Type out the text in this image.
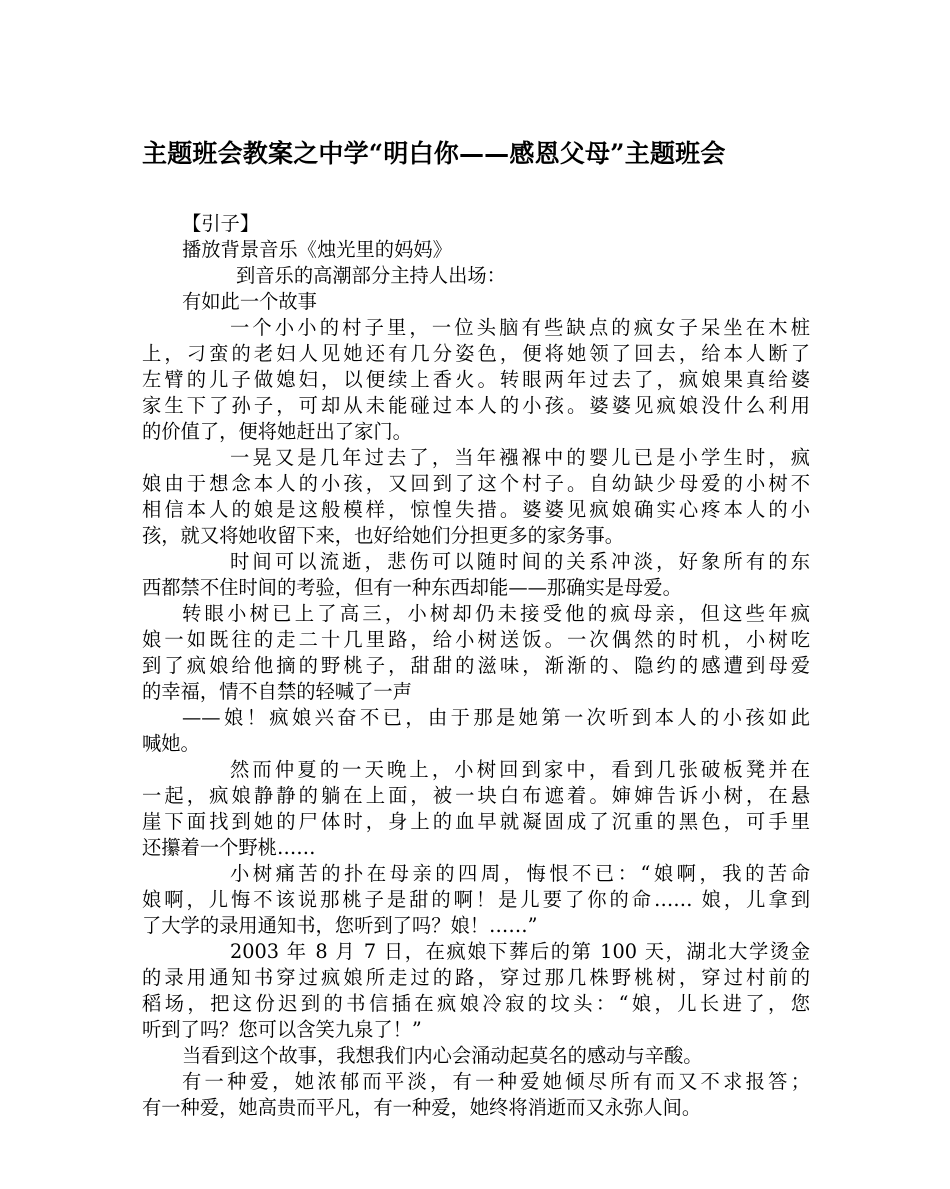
主题班会教案之中学“明白你——感恩父母”主题班会
【引子】
播放背景音乐《烛光里的妈妈》
到音乐的高潮部分主持人出场：
有如此一个故事
一个小小的村子里，一位头脑有些缺点的疯女子呆坐在木桩
上，刁蛮的老妇人见她还有几分姿色，便将她领了回去，给本人断了
左臂的儿子做媳妇，以便续上香火。转眼两年过去了，疯娘果真给婆
家生下了孙子，可却从未能碰过本人的小孩。婆婆见疯娘没什么利用
的价值了，便将她赶出了家门。
一晃又是几年过去了，当年襁褓中的婴儿已是小学生时，疯
娘由于想念本人的小孩，又回到了这个村子。自幼缺少母爱的小树不
相信本人的娘是这般模样，惊惶失措。婆婆见疯娘确实心疼本人的小
孩，就又将她收留下来，也好给她们分担更多的家务事。
时间可以流逝，悲伤可以随时间的关系冲淡，好象所有的东
西都禁不住时间的考验，但有一种东西却能——那确实是母爱。
转眼小树已上了高三，小树却仍未接受他的疯母亲，但这些年疯
娘一如既往的走二十几里路，给小树送饭。一次偶然的时机，小树吃
到了疯娘给他摘的野桃子，甜甜的滋味，渐渐的、隐约的感遭到母爱
的幸福，情不自禁的轻喊了一声
——娘！疯娘兴奋不已，由于那是她第一次听到本人的小孩如此
喊她。
然而仲夏的一天晚上，小树回到家中，看到几张破板凳并在
一起，疯娘静静的躺在上面，被一块白布遮着。婶婶告诉小树，在悬
崖下面找到她的尸体时，身上的血早就凝固成了沉重的黑色，可手里
还攥着一个野桃……
小树痛苦的扑在母亲的四周，悔恨不已：“娘啊，我的苦命
娘啊，儿悔不该说那桃子是甜的啊！是儿要了你的命…… 娘，儿拿到
了大学的录用通知书，您听到了吗？娘！……”
2003 年 8 月 7 日，在疯娘下葬后的第 100 天，湖北大学烫金
的录用通知书穿过疯娘所走过的路，穿过那几株野桃树，穿过村前的
稻场，把这份迟到的书信插在疯娘冷寂的坟头：“娘，儿长进了，您
听到了吗？您可以含笑九泉了！”
当看到这个故事，我想我们内心会涌动起莫名的感动与辛酸。
有一种爱，她浓郁而平淡，有一种爱她倾尽所有而又不求报答；
有一种爱，她高贵而平凡，有一种爱，她终将消逝而又永弥人间。
